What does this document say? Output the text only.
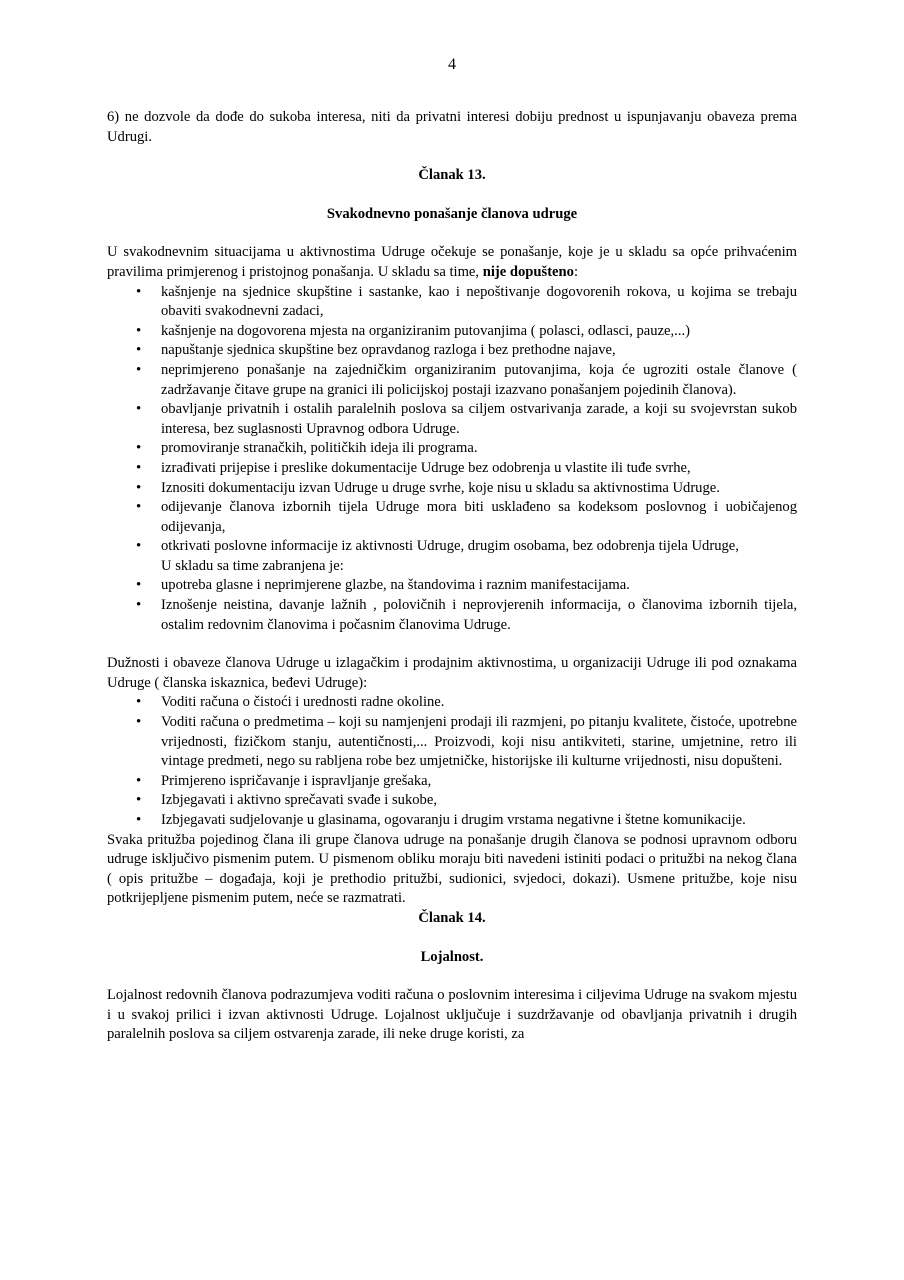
4

6) ne dozvole da dođe do sukoba interesa, niti da privatni interesi dobiju prednost u ispunjavanju obaveza prema Udrugi.

Članak 13.

Svakodnevno ponašanje članova udruge

U svakodnevnim situacijama u aktivnostima Udruge očekuje se ponašanje, koje je u skladu sa opće prihvaćenim pravilima primjerenog i pristojnog ponašanja. U skladu sa time, nije dopušteno:

• kašnjenje na sjednice skupštine i sastanke, kao i nepoštivanje dogovorenih rokova, u kojima se trebaju obaviti svakodnevni zadaci,
• kašnjenje na dogovorena mjesta na organiziranim putovanjima ( polasci, odlasci, pauze,...)
• napuštanje sjednica skupštine bez opravdanog razloga i bez prethodne najave,
• neprimjereno ponašanje na zajedničkim organiziranim putovanjima, koja će ugroziti ostale članove ( zadržavanje čitave grupe na granici ili policijskoj postaji izazvano ponašanjem pojedinih članova).
• obavljanje privatnih i ostalih paralelnih poslova sa ciljem ostvarivanja zarade, a koji su svojevrstan sukob interesa, bez suglasnosti Upravnog odbora Udruge.
• promoviranje stranačkih, političkih ideja ili programa.
• izrađivati prijepise i preslike dokumentacije Udruge bez odobrenja u vlastite ili tuđe svrhe,
• Iznositi dokumentaciju izvan Udruge u druge svrhe, koje nisu u skladu sa aktivnostima Udruge.
• odijevanje članova izbornih tijela Udruge mora biti usklađeno sa kodeksom poslovnog i uobičajenog odijevanja,
• otkrivati poslovne informacije iz aktivnosti Udruge, drugim osobama, bez odobrenja tijela Udruge,

U skladu sa time zabranjena je:

• upotreba glasne i neprimjerene glazbe, na štandovima i raznim manifestacijama.
• Iznošenje neistina, davanje lažnih , polovičnih i neprovjerenih informacija, o članovima izbornih tijela, ostalim redovnim članovima i počasnim članovima Udruge.

Dužnosti i obaveze članova Udruge u izlagačkim i prodajnim aktivnostima, u organizaciji Udruge ili pod oznakama Udruge ( članska iskaznica, beđevi Udruge):

• Voditi računa o čistoći i urednosti radne okoline.
• Voditi računa o predmetima – koji su namjenjeni prodaji ili razmjeni, po pitanju kvalitete, čistoće, upotrebne vrijednosti, fizičkom stanju, autentičnosti,... Proizvodi, koji nisu antikviteti, starine, umjetnine, retro ili vintage predmeti, nego su rabljena robe bez umjetničke, historijske ili kulturne vrijednosti, nisu dopušteni.
• Primjereno ispričavanje i ispravljanje grešaka,
• Izbjegavati i aktivno sprečavati svađe i sukobe,
• Izbjegavati sudjelovanje u glasinama, ogovaranju i drugim vrstama negativne i štetne komunikacije.

Svaka pritužba pojedinog člana ili grupe članova udruge na ponašanje drugih članova se podnosi upravnom odboru udruge isključivo pismenim putem. U pismenom obliku moraju biti navedeni istiniti podaci o pritužbi na nekog člana ( opis pritužbe – događaja, koji je prethodio pritužbi, sudionici, svjedoci, dokazi). Usmene pritužbe, koje nisu potkrijepljene pismenim putem, neće se razmatrati.

Članak 14.

Lojalnost.

Lojalnost redovnih članova podrazumjeva voditi računa o poslovnim interesima i ciljevima Udruge na svakom mjestu i u svakoj prilici i izvan aktivnosti Udruge. Lojalnost uključuje i suzdržavanje od obavljanja privatnih i drugih paralelnih poslova sa ciljem ostvarenja zarade, ili neke druge koristi, za
